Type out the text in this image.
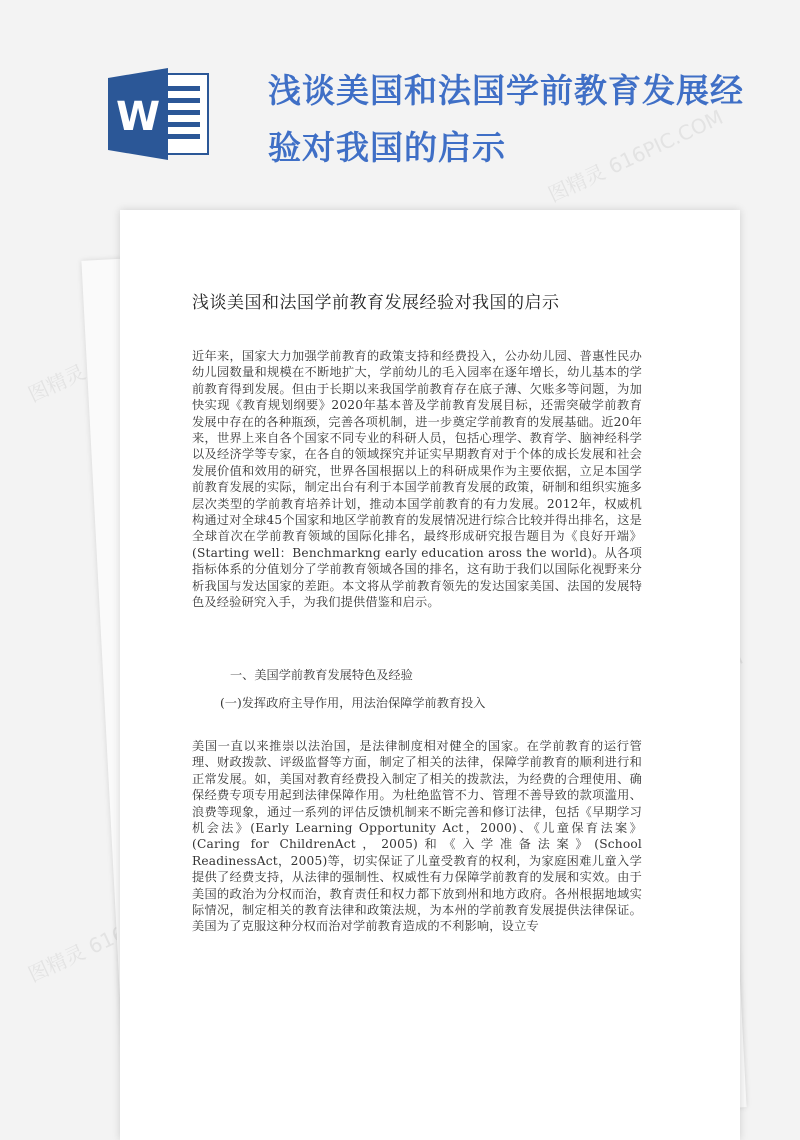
W
浅谈美国和法国学前教育发展经验对我国的启示	图精灵 616PIC.COM
图精灵
图精灵 616PIC.COM
浅谈美国和法国学前教育发展经验对我国的启示
近年来，国家大力加强学前教育的政策支持和经费投入，公办幼儿园、普惠性民办幼儿园数量和规模在不断地扩大，学前幼儿的毛入园率在逐年增长，幼儿基本的学前教育得到发展。但由于长期以来我国学前教育存在底子薄、欠账多等问题，为加快实现《教育规划纲要》2020年基本普及学前教育发展目标，还需突破学前教育发展中存在的各种瓶颈，完善各项机制，进一步奠定学前教育的发展基础。近20年来，世界上来自各个国家不同专业的科研人员，包括心理学、教育学、脑神经科学以及经济学等专家，在各自的领域探究并证实早期教育对于个体的成长发展和社会发展价值和效用的研究，世界各国根据以上的科研成果作为主要依据，立足本国学前教育发展的实际，制定出台有利于本国学前教育发展的政策，研制和组织实施多层次类型的学前教育培养计划，推动本国学前教育的有力发展。2012年，权威机构通过对全球45个国家和地区学前教育的发展情况进行综合比较并得出排名，这是全球首次在学前教育领域的国际化排名，最终形成研究报告题目为《良好开端》(Starting well：Benchmarkng early education aross the world)。从各项指标体系的分值划分了学前教育领域各国的排名，这有助于我们以国际化视野来分析我国与发达国家的差距。本文将从学前教育领先的发达国家美国、法国的发展特色及经验研究入手，为我们提供借鉴和启示。
一、美国学前教育发展特色及经验
(一)发挥政府主导作用，用法治保障学前教育投入
美国一直以来推崇以法治国，是法律制度相对健全的国家。在学前教育的运行管理、财政拨款、评级监督等方面，制定了相关的法律，保障学前教育的顺利进行和正常发展。如，美国对教育经费投入制定了相关的拨款法，为经费的合理使用、确保经费专项专用起到法律保障作用。为杜绝监管不力、管理不善导致的款项滥用、浪费等现象，通过一系列的评估反馈机制来不断完善和修订法律，包括《早期学习机会法》(Early Learning Opportunity Act，2000)、《儿童保育法案》(Caring for ChildrenAct，2005)和《入学准备法案》(School ReadinessAct，2005)等，切实保证了儿童受教育的权利，为家庭困难儿童入学提供了经费支持，从法律的强制性、权威性有力保障学前教育的发展和实效。由于美国的政治为分权而治，教育责任和权力都下放到州和地方政府。各州根据地域实际情况，制定相关的教育法律和政策法规，为本州的学前教育发展提供法律保证。美国为了克服这种分权而治对学前教育造成的不利影响，设立专
